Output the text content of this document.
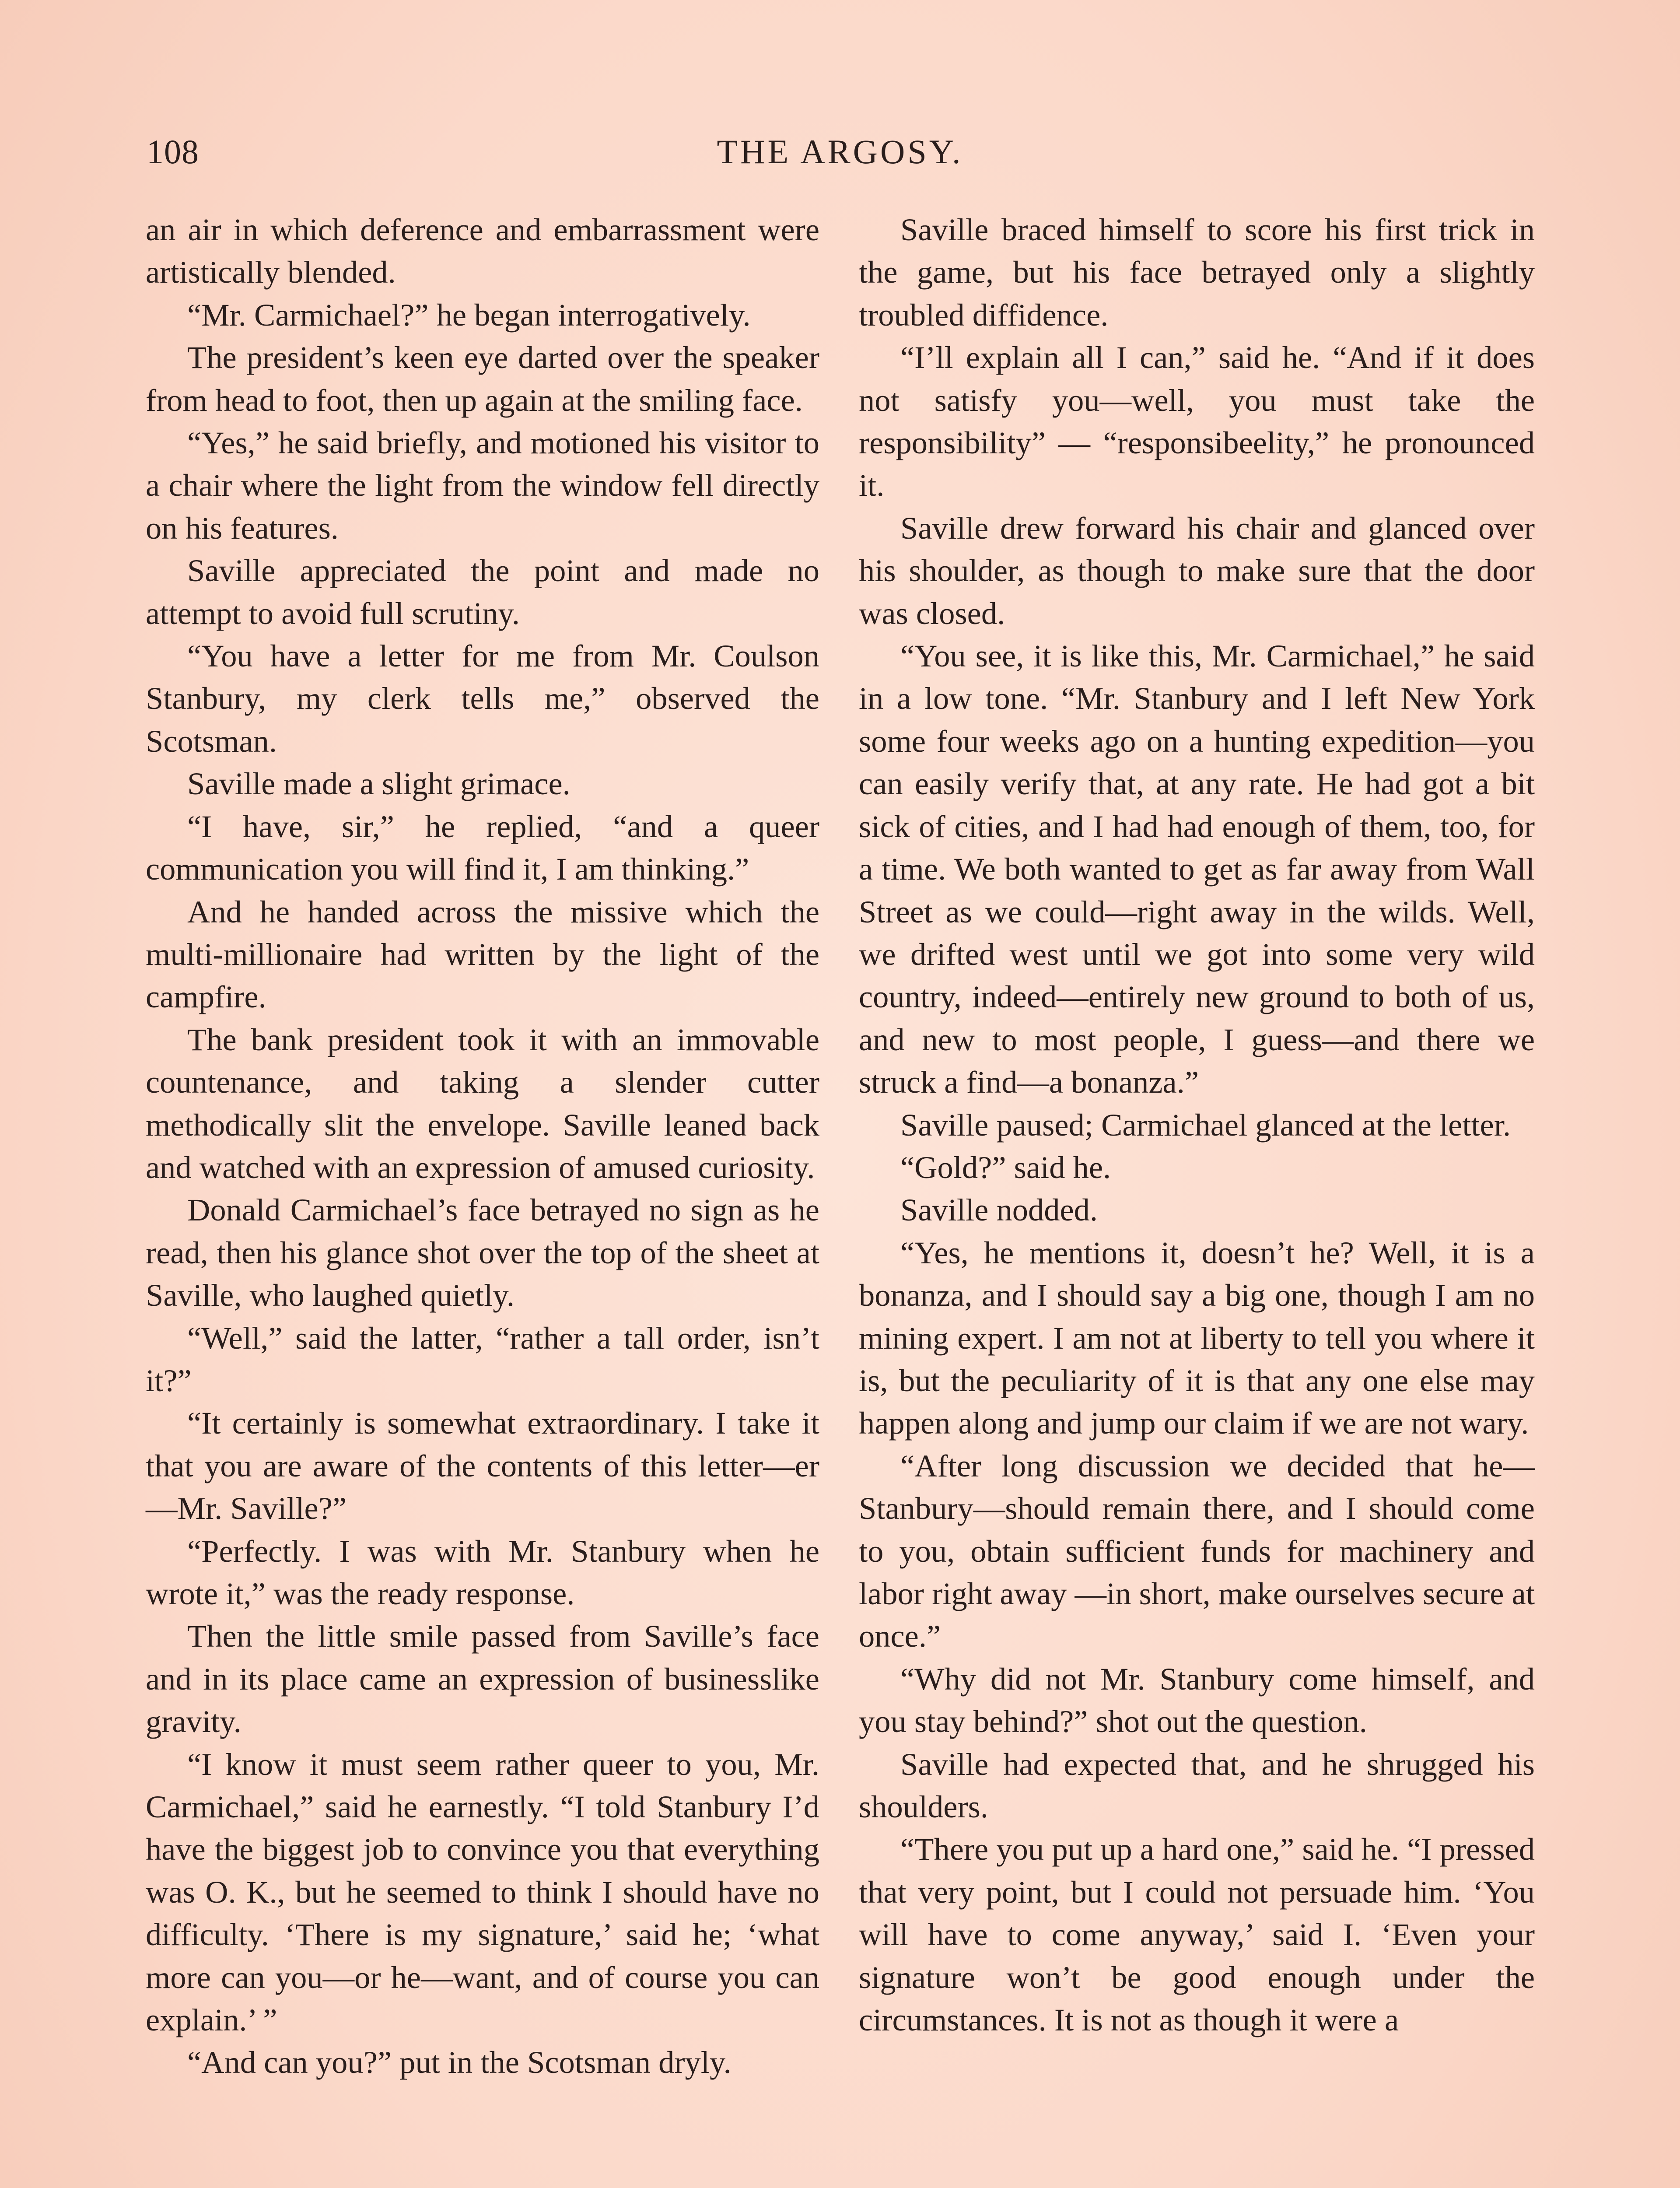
108	THE ARGOSY.

an air in which deference and embarrassment were artistically blended.

“Mr. Carmichael?” he began interrogatively.

The president’s keen eye darted over the speaker from head to foot, then up again at the smiling face.

“Yes,” he said briefly, and motioned his visitor to a chair where the light from the window fell directly on his features.

Saville appreciated the point and made no attempt to avoid full scrutiny.

“You have a letter for me from Mr. Coulson Stanbury, my clerk tells me,” observed the Scotsman.

Saville made a slight grimace.

“I have, sir,” he replied, “and a queer communication you will find it, I am thinking.”

And he handed across the missive which the multi-millionaire had written by the light of the campfire.

The bank president took it with an immovable countenance, and taking a slender cutter methodically slit the envelope. Saville leaned back and watched with an expression of amused curiosity.

Donald Carmichael’s face betrayed no sign as he read, then his glance shot over the top of the sheet at Saville, who laughed quietly.

“Well,” said the latter, “rather a tall order, isn’t it?”

“It certainly is somewhat extraordinary. I take it that you are aware of the contents of this letter—er—Mr. Saville?”

“Perfectly. I was with Mr. Stanbury when he wrote it,” was the ready response.

Then the little smile passed from Saville’s face and in its place came an expression of businesslike gravity.

“I know it must seem rather queer to you, Mr. Carmichael,” said he earnestly. “I told Stanbury I’d have the biggest job to convince you that everything was O. K., but he seemed to think I should have no difficulty. ‘There is my signature,’ said he; ‘what more can you—or he—want, and of course you can explain.’ ”

“And can you?” put in the Scotsman dryly.

Saville braced himself to score his first trick in the game, but his face betrayed only a slightly troubled diffidence.

“I’ll explain all I can,” said he. “And if it does not satisfy you—well, you must take the responsibility” — “responsibeelity,” he pronounced it.

Saville drew forward his chair and glanced over his shoulder, as though to make sure that the door was closed.

“You see, it is like this, Mr. Carmichael,” he said in a low tone. “Mr. Stanbury and I left New York some four weeks ago on a hunting expedition—you can easily verify that, at any rate. He had got a bit sick of cities, and I had had enough of them, too, for a time. We both wanted to get as far away from Wall Street as we could—right away in the wilds. Well, we drifted west until we got into some very wild country, indeed—entirely new ground to both of us, and new to most people, I guess—and there we struck a find—a bonanza.”

Saville paused; Carmichael glanced at the letter.

“Gold?” said he.

Saville nodded.

“Yes, he mentions it, doesn’t he? Well, it is a bonanza, and I should say a big one, though I am no mining expert. I am not at liberty to tell you where it is, but the peculiarity of it is that any one else may happen along and jump our claim if we are not wary.

“After long discussion we decided that he—Stanbury—should remain there, and I should come to you, obtain sufficient funds for machinery and labor right away —in short, make ourselves secure at once.”

“Why did not Mr. Stanbury come himself, and you stay behind?” shot out the question.

Saville had expected that, and he shrugged his shoulders.

“There you put up a hard one,” said he. “I pressed that very point, but I could not persuade him. ‘You will have to come anyway,’ said I. ‘Even your signature won’t be good enough under the circumstances. It is not as though it were a
